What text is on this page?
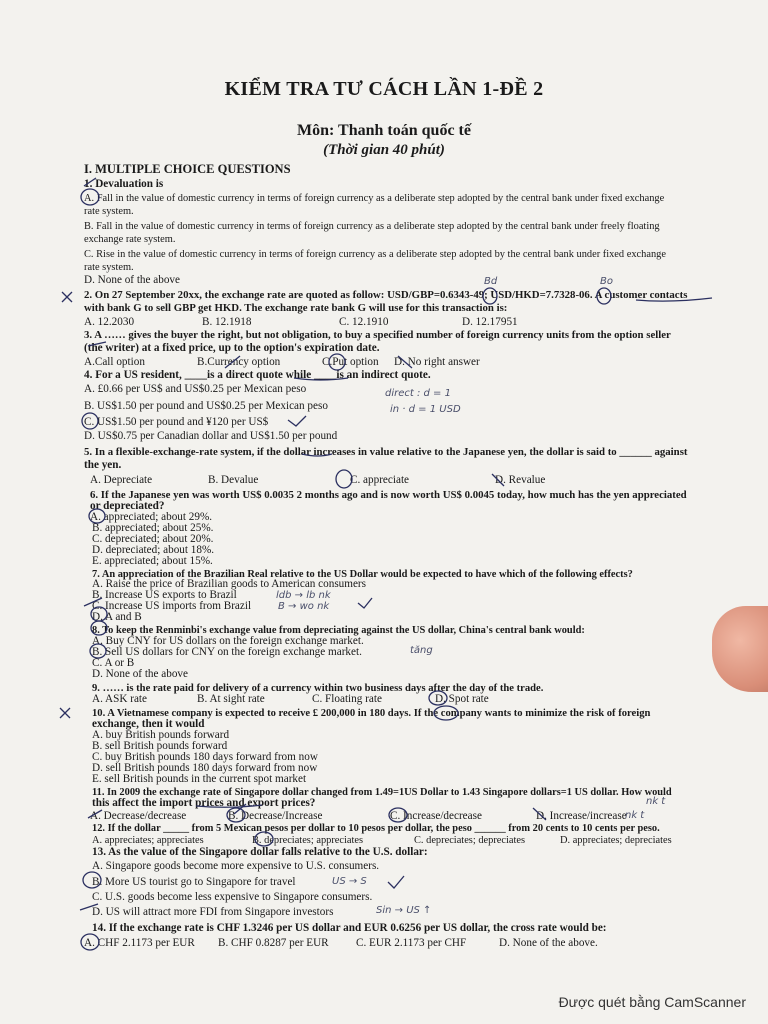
KIỂM TRA TƯ CÁCH LẦN 1-ĐỀ 2
Môn: Thanh toán quốc tế
(Thời gian 40 phút)
I. MULTIPLE CHOICE QUESTIONS
1. Devaluation is
A. Fall in the value of domestic currency in terms of foreign currency as a deliberate step adopted by the central bank under fixed exchange
rate system.
B. Fall in the value of domestic currency in terms of foreign currency as a deliberate step adopted by the central bank under freely floating
exchange rate system.
C. Rise in the value of domestic currency in terms of foreign currency as a deliberate step adopted by the central bank under fixed exchange
rate system.
D. None of the above
2. On 27 September 20xx, the exchange rate are quoted as follow: USD/GBP=0.6343-49; USD/HKD=7.7328-06. A customer contacts
with bank G to sell GBP get HKD. The exchange rate bank G will use for this transaction is:
A. 12.2030	B. 12.1918	C. 12.1910	D. 12.17951
3. A …… gives the buyer the right, but not obligation, to buy a specified number of foreign currency units from the option seller
(the writer) at a fixed price, up to the option's expiration date.
A.Call option	B.Currency option	C.Put option D. No right answer
4. For a US resident, ____is a direct quote while ____is an indirect quote.
A. £0.66 per US$ and US$0.25 per Mexican peso
B. US$1.50 per pound and US$0.25 per Mexican peso
C. US$1.50 per pound and ¥120 per US$
D. US$0.75 per Canadian dollar and US$1.50 per pound
5. In a flexible-exchange-rate system, if the dollar increases in value relative to the Japanese yen, the dollar is said to ______ against
the yen.
A. Depreciate	B. Devalue	C. appreciate	D. Revalue
6. If the Japanese yen was worth US$ 0.0035 2 months ago and is now worth US$ 0.0045 today, how much has the yen appreciated
or depreciated?
A. appreciated; about 29%.
B. appreciated; about 25%.
C. depreciated; about 20%.
D. depreciated; about 18%.
E. appreciated; about 15%.
7. An appreciation of the Brazilian Real relative to the US Dollar would be expected to have which of the following effects?
A. Raise the price of Brazilian goods to American consumers
B. Increase US exports to Brazil
C. Increase US imports from Brazil
D. A and B
8. To keep the Renminbi's exchange value from depreciating against the US dollar, China's central bank would:
A. Buy CNY for US dollars on the foreign exchange market.
B. Sell US dollars for CNY on the foreign exchange market.
C. A or B
D. None of the above
9. …… is the rate paid for delivery of a currency within two business days after the day of the trade.
A. ASK rate	B. At sight rate	C. Floating rate	D. Spot rate
10. A Vietnamese company is expected to receive £ 200,000 in 180 days. If the company wants to minimize the risk of foreign
exchange, then it would
A. buy British pounds forward
B. sell British pounds forward
C. buy British pounds 180 days forward from now
D. sell British pounds 180 days forward from now
E. sell British pounds in the current spot market
11. In 2009 the exchange rate of Singapore dollar changed from 1.49=1US Dollar to 1.43 Singapore dollars=1 US dollar. How would
this affect the import prices and export prices?
A. Decrease/decrease	B. Decrease/Increase	C. Increase/decrease	D. Increase/increase
12. If the dollar _____ from 5 Mexican pesos per dollar to 10 pesos per dollar, the peso ______ from 20 cents to 10 cents per peso.
A. appreciates; appreciates	B. depreciates; appreciates	C. depreciates; depreciates	D. appreciates; depreciates
13. As the value of the Singapore dollar falls relative to the U.S. dollar:
A. Singapore goods become more expensive to U.S. consumers.
B. More US tourist go to Singapore for travel
C. U.S. goods become less expensive to Singapore consumers.
D. US will attract more FDI from Singapore investors
14. If the exchange rate is CHF 1.3246 per US dollar and EUR 0.6256 per US dollar, the cross rate would be:
A. CHF 2.1173 per EUR B. CHF 0.8287 per EUR C. EUR 2.1173 per CHF	D. None of the above.
Bd	Bo
direct : d = 1
in · d = 1 USD
ldb → lb nk
B → wo nk
tăng
nk t
nk t
US → S
Sin → US ↑
Được quét bằng CamScanner
